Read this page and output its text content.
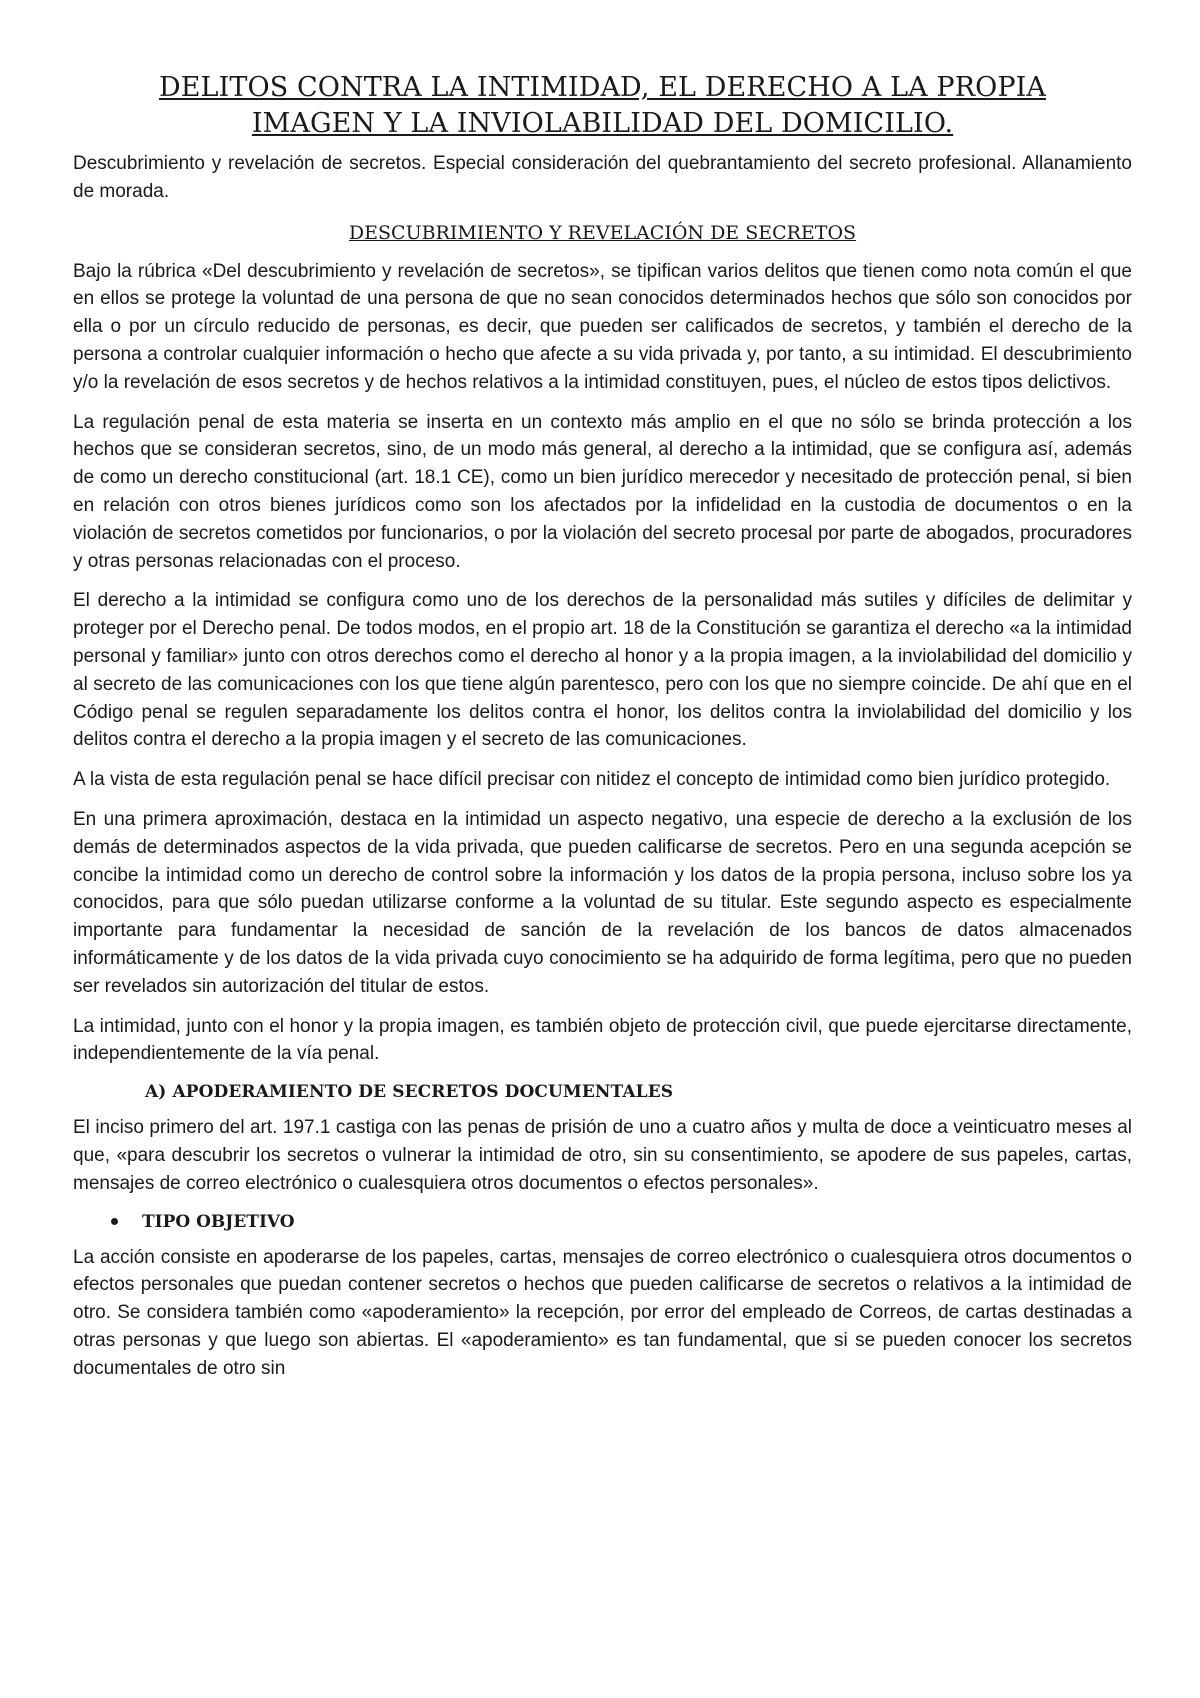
DELITOS CONTRA LA INTIMIDAD, EL DERECHO A LA PROPIA
IMAGEN Y LA INVIOLABILIDAD DEL DOMICILIO.

Descubrimiento y revelación de secretos. Especial consideración del quebrantamiento del secreto profesional. Allanamiento de morada.

DESCUBRIMIENTO Y REVELACIÓN DE SECRETOS

Bajo la rúbrica «Del descubrimiento y revelación de secretos», se tipifican varios delitos que tienen como nota común el que en ellos se protege la voluntad de una persona de que no sean conocidos determinados hechos que sólo son conocidos por ella o por un círculo reducido de personas, es decir, que pueden ser calificados de secretos, y también el derecho de la persona a controlar cualquier información o hecho que afecte a su vida privada y, por tanto, a su intimidad. El descubrimiento y/o la revelación de esos secretos y de hechos relativos a la intimidad constituyen, pues, el núcleo de estos tipos delictivos.

La regulación penal de esta materia se inserta en un contexto más amplio en el que no sólo se brinda protección a los hechos que se consideran secretos, sino, de un modo más general, al derecho a la intimidad, que se configura así, además de como un derecho constitucional (art. 18.1 CE), como un bien jurídico merecedor y necesitado de protección penal, si bien en relación con otros bienes jurídicos como son los afectados por la infidelidad en la custodia de documentos o en la violación de secretos cometidos por funcionarios, o por la violación del secreto procesal por parte de abogados, procuradores y otras personas relacionadas con el proceso.

El derecho a la intimidad se configura como uno de los derechos de la personalidad más sutiles y difíciles de delimitar y proteger por el Derecho penal. De todos modos, en el propio art. 18 de la Constitución se garantiza el derecho «a la intimidad personal y familiar» junto con otros derechos como el derecho al honor y a la propia imagen, a la inviolabilidad del domicilio y al secreto de las comunicaciones con los que tiene algún parentesco, pero con los que no siempre coincide. De ahí que en el Código penal se regulen separadamente los delitos contra el honor, los delitos contra la inviolabilidad del domicilio y los delitos contra el derecho a la propia imagen y el secreto de las comunicaciones.

A la vista de esta regulación penal se hace difícil precisar con nitidez el concepto de intimidad como bien jurídico protegido.

En una primera aproximación, destaca en la intimidad un aspecto negativo, una especie de derecho a la exclusión de los demás de determinados aspectos de la vida privada, que pueden calificarse de secretos. Pero en una segunda acepción se concibe la intimidad como un derecho de control sobre la información y los datos de la propia persona, incluso sobre los ya conocidos, para que sólo puedan utilizarse conforme a la voluntad de su titular. Este segundo aspecto es especialmente importante para fundamentar la necesidad de sanción de la revelación de los bancos de datos almacenados informáticamente y de los datos de la vida privada cuyo conocimiento se ha adquirido de forma legítima, pero que no pueden ser revelados sin autorización del titular de estos.

La intimidad, junto con el honor y la propia imagen, es también objeto de protección civil, que puede ejercitarse directamente, independientemente de la vía penal.

A) APODERAMIENTO DE SECRETOS DOCUMENTALES

El inciso primero del art. 197.1 castiga con las penas de prisión de uno a cuatro años y multa de doce a veinticuatro meses al que, «para descubrir los secretos o vulnerar la intimidad de otro, sin su consentimiento, se apodere de sus papeles, cartas, mensajes de correo electrónico o cualesquiera otros documentos o efectos personales».

TIPO OBJETIVO

La acción consiste en apoderarse de los papeles, cartas, mensajes de correo electrónico o cualesquiera otros documentos o efectos personales que puedan contener secretos o hechos que pueden calificarse de secretos o relativos a la intimidad de otro. Se considera también como «apoderamiento» la recepción, por error del empleado de Correos, de cartas destinadas a otras personas y que luego son abiertas. El «apoderamiento» es tan fundamental, que si se pueden conocer los secretos documentales de otro sin
